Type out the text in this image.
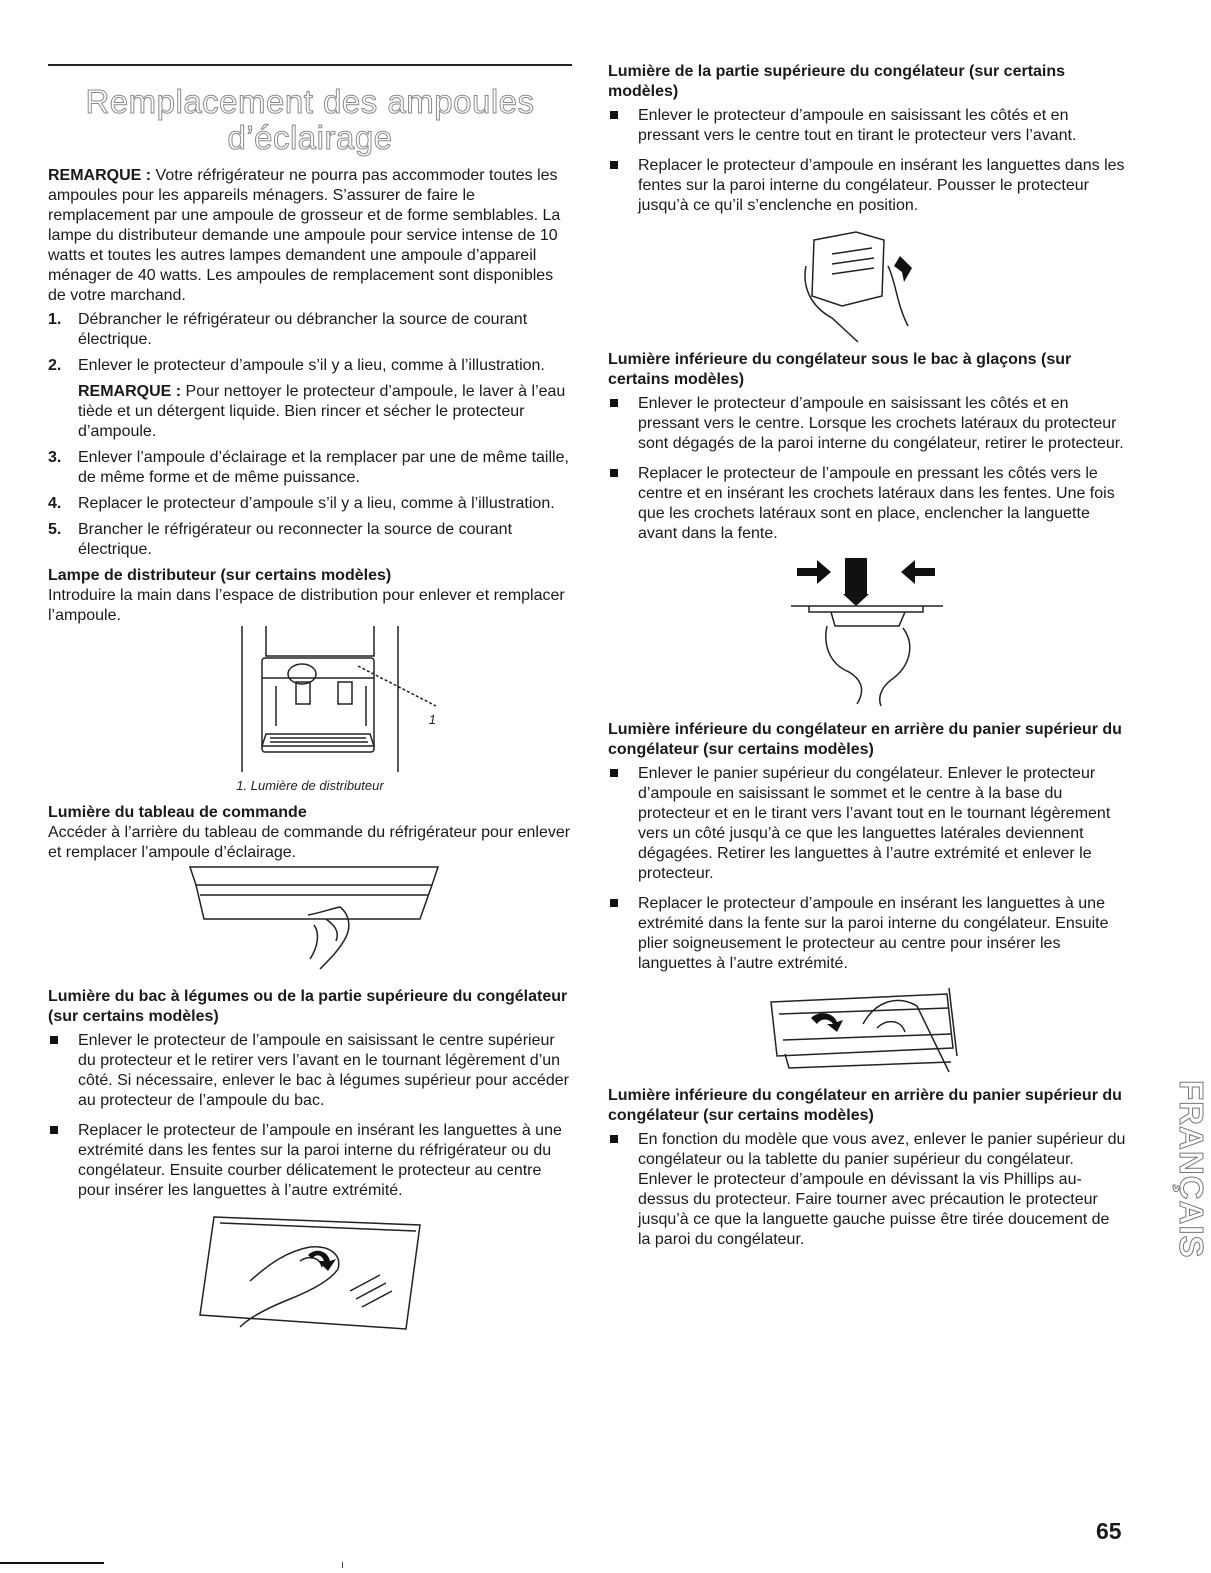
Remplacement des ampoules d’éclairage

REMARQUE : Votre réfrigérateur ne pourra pas accommoder toutes les ampoules pour les appareils ménagers. S’assurer de faire le remplacement par une ampoule de grosseur et de forme semblables. La lampe du distributeur demande une ampoule pour service intense de 10 watts et toutes les autres lampes demandent une ampoule d’appareil ménager de 40 watts. Les ampoules de remplacement sont disponibles de votre marchand.

1. Débrancher le réfrigérateur ou débrancher la source de courant électrique.
2. Enlever le protecteur d’ampoule s’il y a lieu, comme à l’illustration.
REMARQUE : Pour nettoyer le protecteur d’ampoule, le laver à l’eau tiède et un détergent liquide. Bien rincer et sécher le protecteur d’ampoule.
3. Enlever l’ampoule d’éclairage et la remplacer par une de même taille, de même forme et de même puissance.
4. Replacer le protecteur d’ampoule s’il y a lieu, comme à l’illustration.
5. Brancher le réfrigérateur ou reconnecter la source de courant électrique.

Lampe de distributeur (sur certains modèles)

Introduire la main dans l’espace de distribution pour enlever et remplacer l’ampoule.

1
1. Lumière de distributeur

Lumière du tableau de commande

Accéder à l’arrière du tableau de commande du réfrigérateur pour enlever et remplacer l’ampoule d’éclairage.

Lumière du bac à légumes ou de la partie supérieure du congélateur (sur certains modèles)

Enlever le protecteur de l’ampoule en saisissant le centre supérieur du protecteur et le retirer vers l’avant en le tournant légèrement d’un côté. Si nécessaire, enlever le bac à légumes supérieur pour accéder au protecteur de l’ampoule du bac.
Replacer le protecteur de l’ampoule en insérant les languettes à une extrémité dans les fentes sur la paroi interne du réfrigérateur ou du congélateur. Ensuite courber délicatement le protecteur au centre pour insérer les languettes à l’autre extrémité.

Lumière de la partie supérieure du congélateur (sur certains modèles)

Enlever le protecteur d’ampoule en saisissant les côtés et en pressant vers le centre tout en tirant le protecteur vers l’avant.
Replacer le protecteur d’ampoule en insérant les languettes dans les fentes sur la paroi interne du congélateur. Pousser le protecteur jusqu’à ce qu’il s’enclenche en position.

Lumière inférieure du congélateur sous le bac à glaçons (sur certains modèles)

Enlever le protecteur d’ampoule en saisissant les côtés et en pressant vers le centre. Lorsque les crochets latéraux du protecteur sont dégagés de la paroi interne du congélateur, retirer le protecteur.
Replacer le protecteur de l’ampoule en pressant les côtés vers le centre et en insérant les crochets latéraux dans les fentes. Une fois que les crochets latéraux sont en place, enclencher la languette avant dans la fente.

Lumière inférieure du congélateur en arrière du panier supérieur du congélateur (sur certains modèles)

Enlever le panier supérieur du congélateur. Enlever le protecteur d’ampoule en saisissant le sommet et le centre à la base du protecteur et en le tirant vers l’avant tout en le tournant légèrement vers un côté jusqu’à ce que les languettes latérales deviennent dégagées. Retirer les languettes à l’autre extrémité et enlever le protecteur.
Replacer le protecteur d’ampoule en insérant les languettes à une extrémité dans la fente sur la paroi interne du congélateur. Ensuite plier soigneusement le protecteur au centre pour insérer les languettes à l’autre extrémité.

Lumière inférieure du congélateur en arrière du panier supérieur du congélateur (sur certains modèles)

En fonction du modèle que vous avez, enlever le panier supérieur du congélateur ou la tablette du panier supérieur du congélateur. Enlever le protecteur d’ampoule en dévissant la vis Phillips au-dessus du protecteur. Faire tourner avec précaution le protecteur jusqu’à ce que la languette gauche puisse être tirée doucement de la paroi du congélateur.	FRANÇAIS
65
